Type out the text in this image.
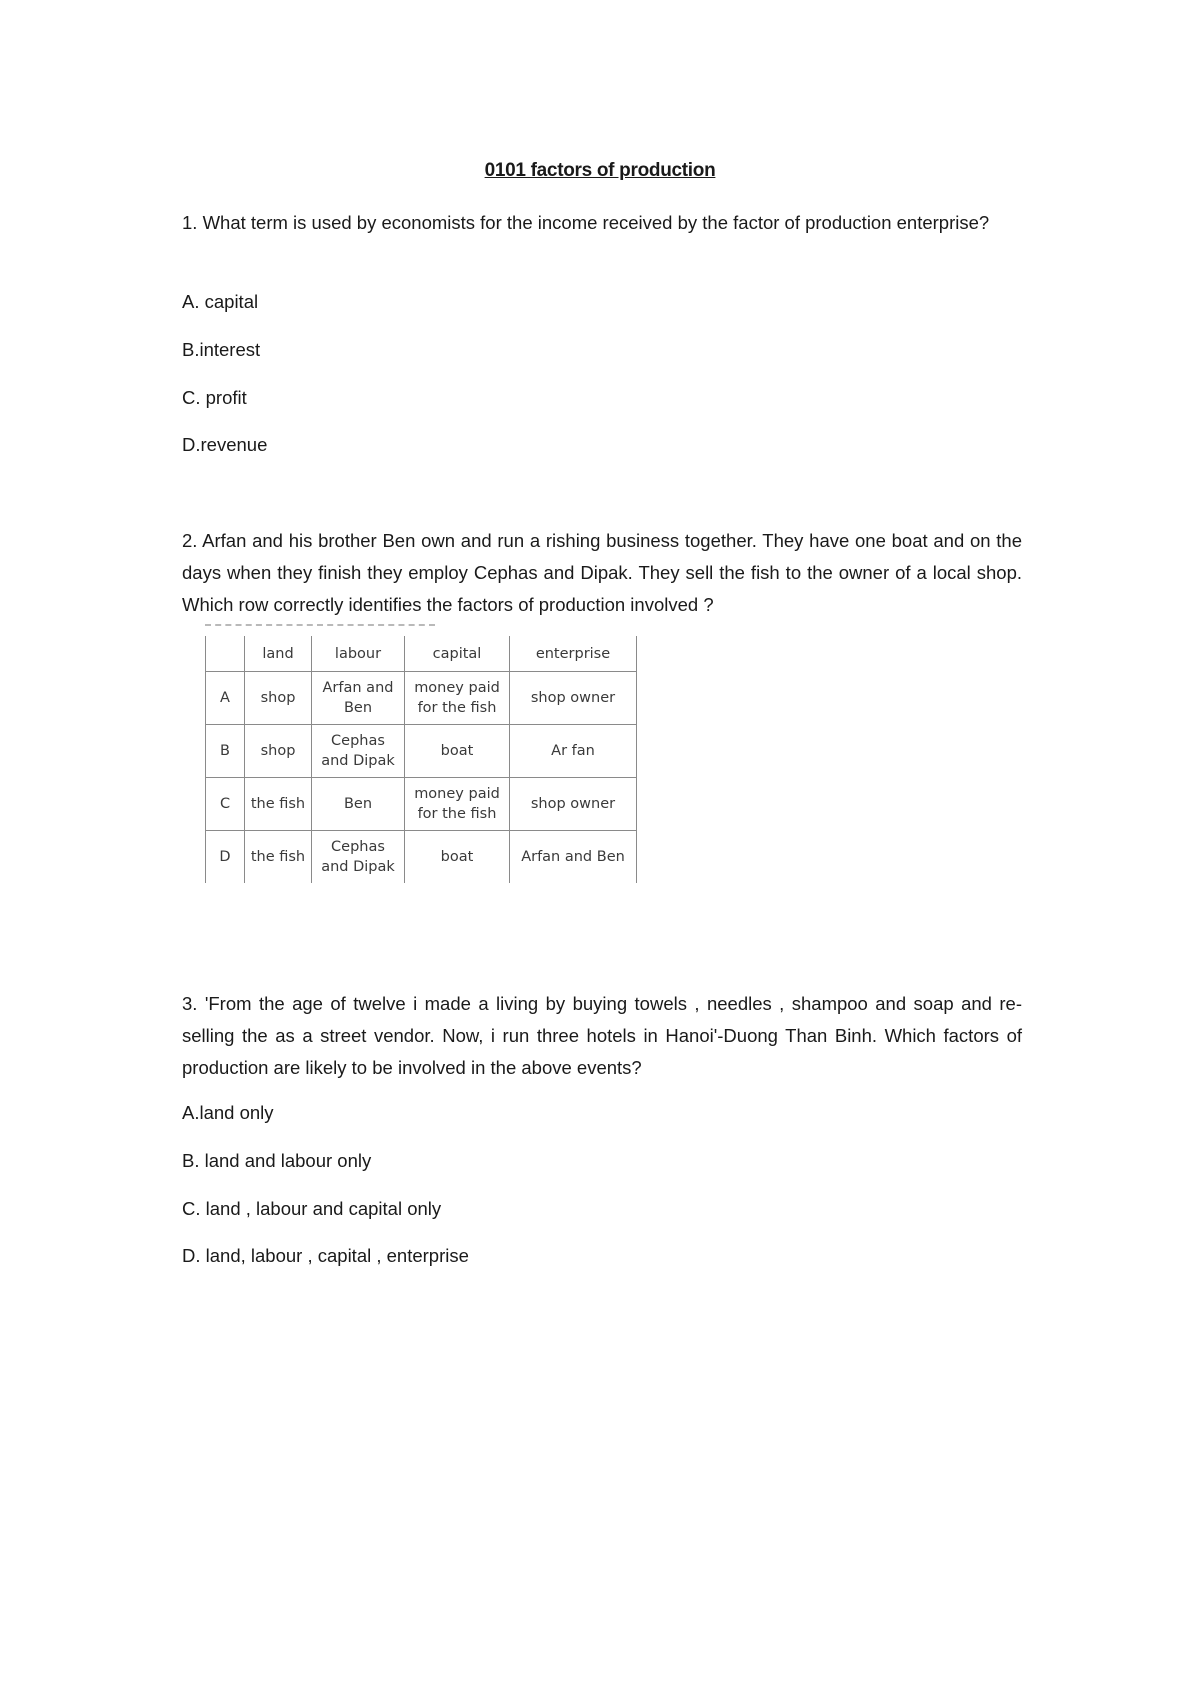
0101 factors of production
1. What term is used by economists for the income received by the factor of production enterprise?
A. capital
B.interest
C. profit
D.revenue
2. Arfan and his brother Ben own and run a rishing business together. They have one boat and on the days when they finish they employ Cephas and Dipak. They sell the fish to the owner of a local shop. Which row correctly identifies the factors of production involved ?
	land	labour	capital	enterprise
A	shop	Arfan and Ben	money paid for the fish	shop owner
B	shop	Cephas and Dipak	boat	Ar fan
C	the fish	Ben	money paid for the fish	shop owner
D	the fish	Cephas and Dipak	boat	Arfan and Ben
3. 'From the age of twelve i made a living by buying towels , needles , shampoo and soap and re-selling the as a street vendor. Now, i run three hotels in Hanoi'-Duong Than Binh. Which factors of production are likely to be involved in the above events?
A.land only
B. land and labour only
C. land , labour and capital only
D. land, labour , capital , enterprise
